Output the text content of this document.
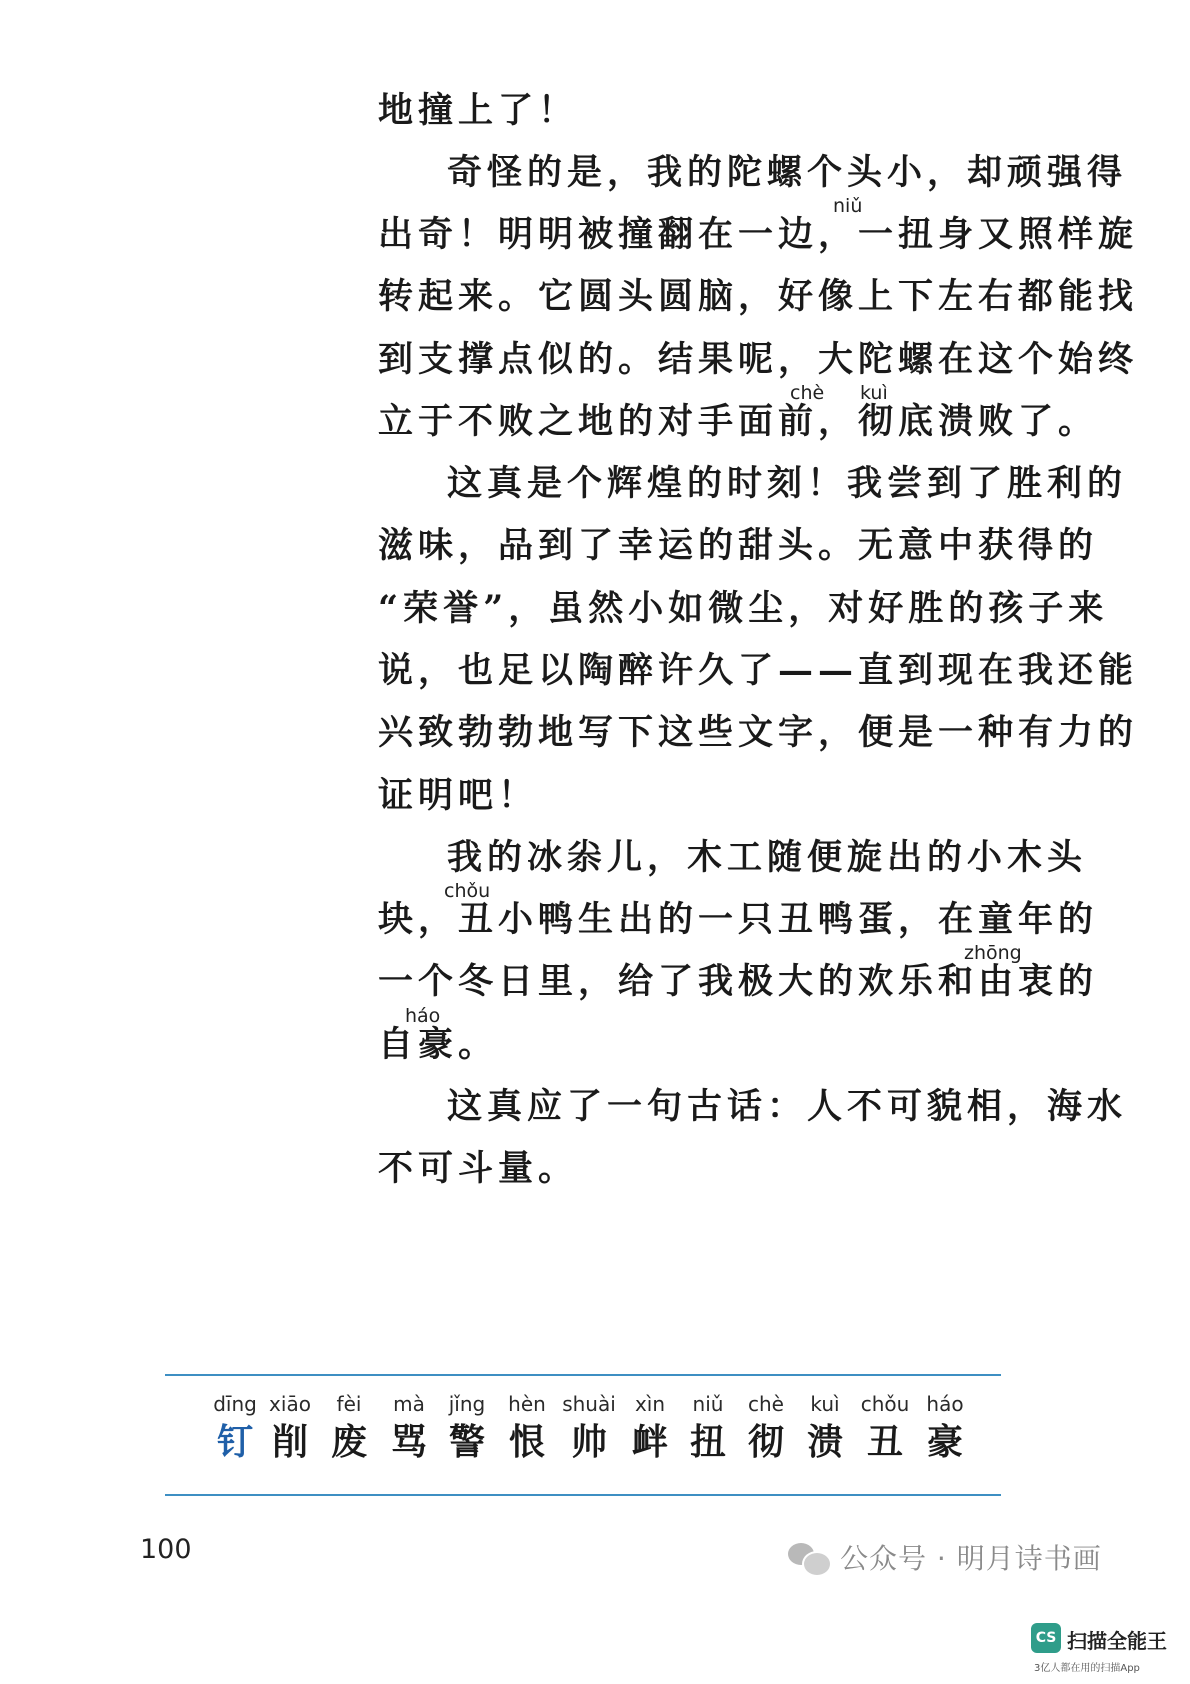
地撞上了！
奇怪的是，我的陀螺个头小，却顽强得
出奇！明明被撞翻在一边，一扭身又照样旋
转起来。它圆头圆脑，好像上下左右都能找
到支撑点似的。结果呢，大陀螺在这个始终
立于不败之地的对手面前，彻底溃败了。
这真是个辉煌的时刻！我尝到了胜利的
滋味，品到了幸运的甜头。无意中获得的
“荣誉”，虽然小如微尘，对好胜的孩子来
说，也足以陶醉许久了——直到现在我还能
兴致勃勃地写下这些文字，便是一种有力的
证明吧！
我的冰尜儿，木工随便旋出的小木头
块，丑小鸭生出的一只丑鸭蛋，在童年的
一个冬日里，给了我极大的欢乐和由衷的
自豪。
这真应了一句古话：人不可貌相，海水
不可斗量。
niǔ
chè kuì
chǒu
zhōng
háo
dīng
钉
xiāo
削
fèi
废
mà
骂
jǐng
警
hèn
恨
shuài
帅
xìn
衅
niǔ
扭
chè
彻
kuì
溃
chǒu
丑
háo
豪
100	公众号 · 明月诗书画
CS 扫描全能王
3亿人都在用的扫描App
